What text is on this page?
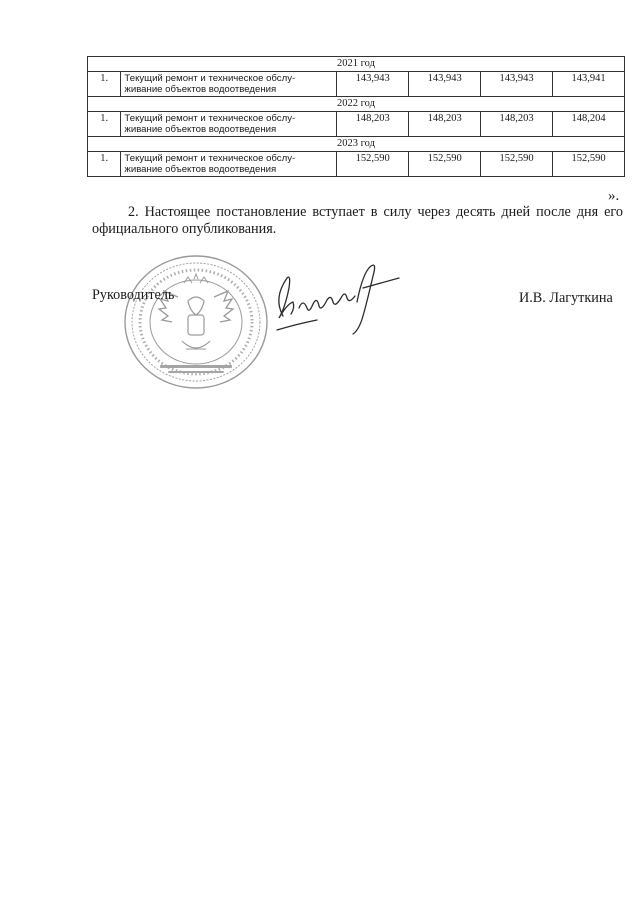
2021 год					
1.	Текущий ремонт и техническое обслу-живание объектов водоотведения	143,943	143,943	143,943	143,941
2022 год					
1.	Текущий ремонт и техническое обслу-живание объектов водоотведения	148,203	148,203	148,203	148,204
2023 год					
1.	Текущий ремонт и техническое обслу-живание объектов водоотведения	152,590	152,590	152,590	152,590
».

2. Настоящее постановление вступает в силу через десять дней после дня его официального опубликования.

Руководитель	И.В. Лагуткина
